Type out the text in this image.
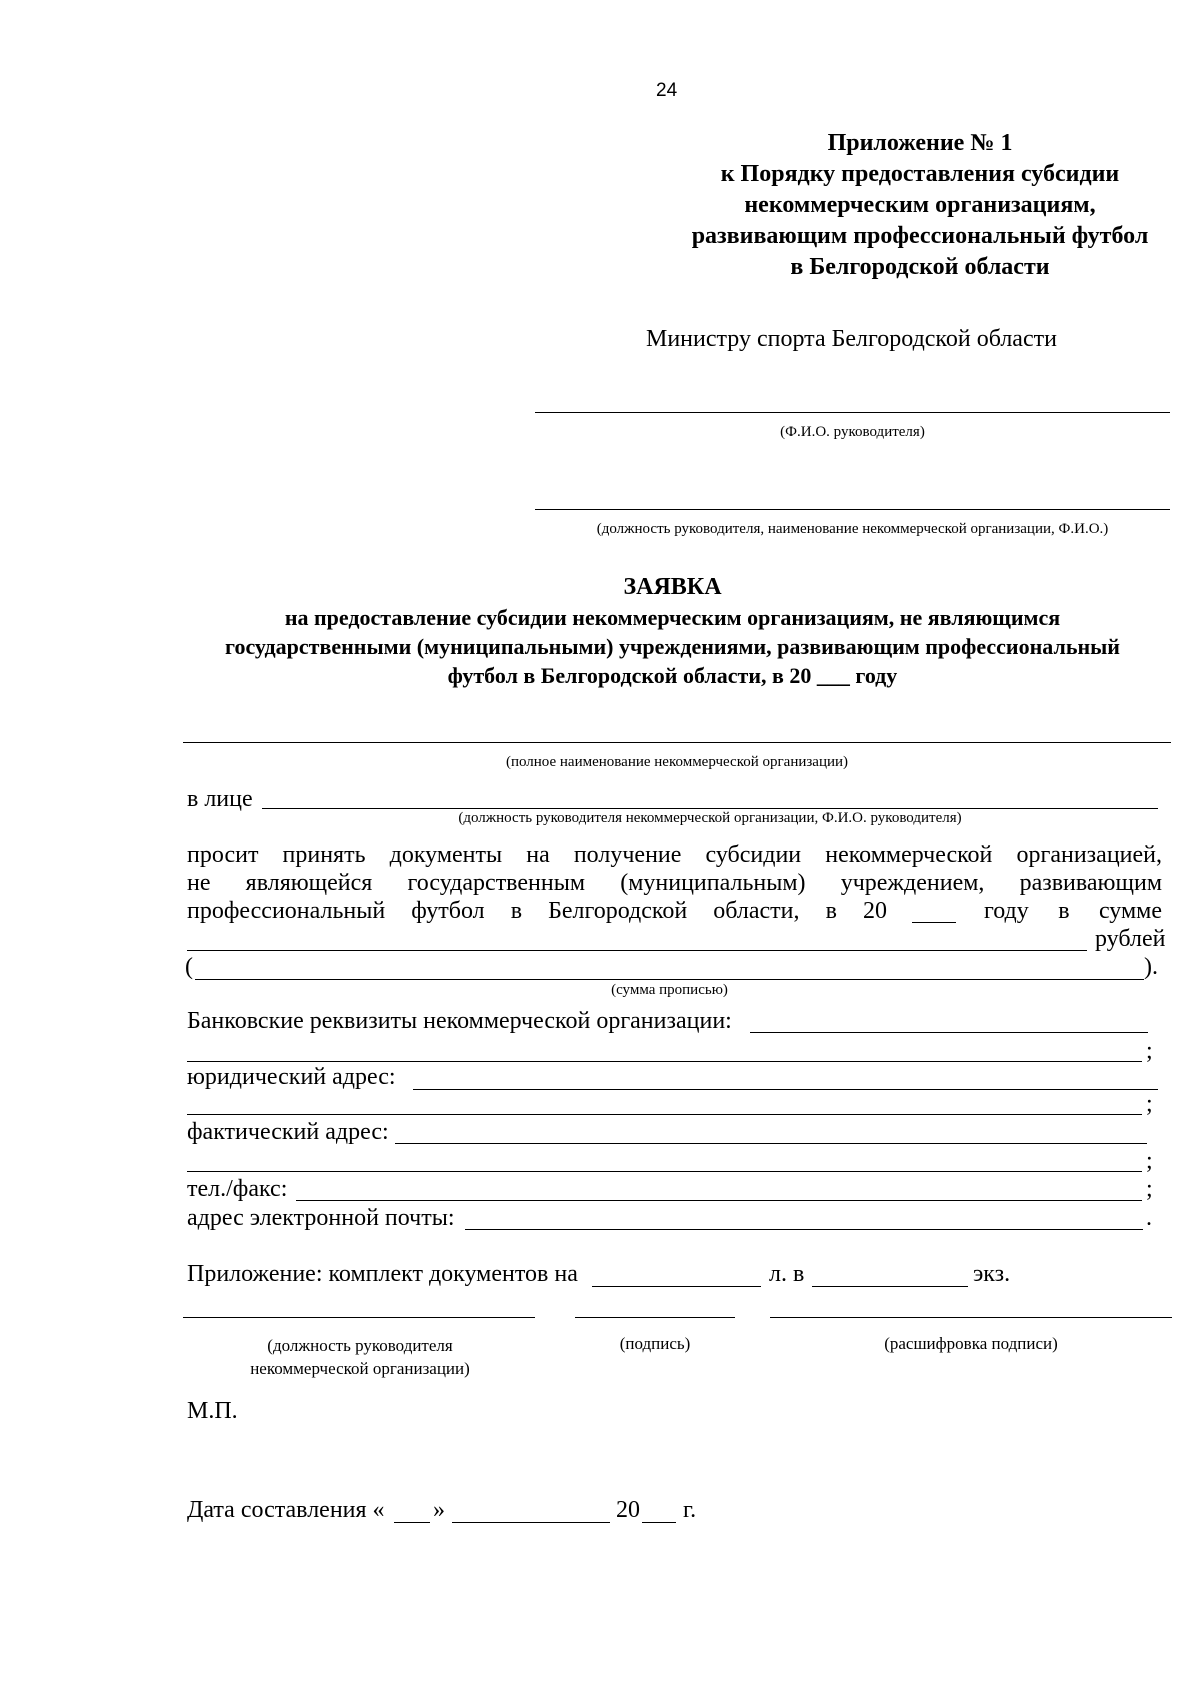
24
Приложение № 1
к Порядку предоставления субсидии
некоммерческим организациям,
развивающим профессиональный футбол
в Белгородской области
Министру спорта Белгородской области
(Ф.И.О. руководителя)
(должность руководителя, наименование некоммерческой организации, Ф.И.О.)
ЗАЯВКА
на предоставление субсидии некоммерческим организациям, не являющимся
государственными (муниципальными) учреждениями, развивающим профессиональный
футбол в Белгородской области, в 20 ___ году
(полное наименование некоммерческой организации)
в лице
(должность руководителя некоммерческой организации, Ф.И.О. руководителя)
просит принять документы на получение субсидии некоммерческой организацией,
не являющейся государственным (муниципальным) учреждением, развивающим
профессиональный футбол в Белгородской области, в 20	году в сумме
рублей
(	).
(сумма прописью)
Банковские реквизиты некоммерческой организации:
;
юридический адрес:
;
фактический адрес:
;
тел./факс:	;
адрес электронной почты:	.
Приложение: комплект документов на	л. в	экз.
(должность руководителя
некоммерческой организации)
(подпись)	(расшифровка подписи)
М.П.
Дата составления « »	20 г.
